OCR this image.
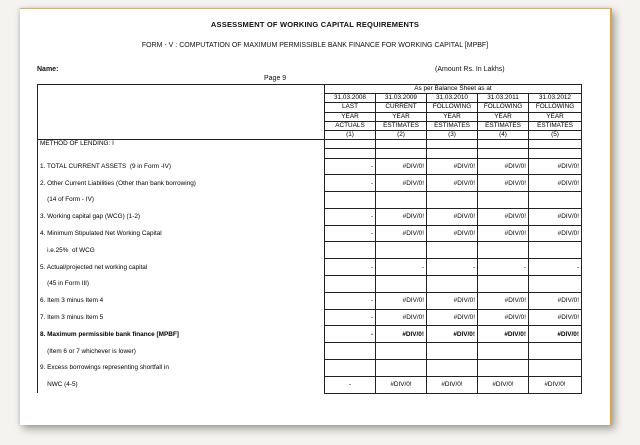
ASSESSMENT OF WORKING CAPITAL REQUIREMENTS
FORM - V : COMPUTATION OF MAXIMUM PERMISSIBLE BANK FINANCE FOR WORKING CAPITAL [MPBF]
Name:	(Amount Rs. In Lakhs)
Page 9
	As per Balance Sheet as at				
	31.03.2008	31.03.2009	31.03.2010	31.03.2011	31.03.2012
	LAST	CURRENT	FOLLOWING	FOLLOWING	FOLLOWING
	YEAR	YEAR	YEAR	YEAR	YEAR
	ACTUALS	ESTIMATES	ESTIMATES	ESTIMATES	ESTIMATES
	(1)	(2)	(3)	(4)	(5)
METHOD OF LENDING: I					

1. TOTAL CURRENT ASSETS  (9 in Form -IV)	-	#DIV/0!	#DIV/0!	#DIV/0!	#DIV/0!
2. Other Current Liabilities (Other than bank borrowing)	-	#DIV/0!	#DIV/0!	#DIV/0!	#DIV/0!
(14 of Form - IV)					
3. Working capital gap (WCG) (1-2)	-	#DIV/0!	#DIV/0!	#DIV/0!	#DIV/0!
4. Minimum Stipulated Net Working Capital	-	#DIV/0!	#DIV/0!	#DIV/0!	#DIV/0!
i.e.25%  of WCG					
5. Actual/projected net working capital	-	-	-	-	-
(45 in Form III)					
6. Item 3 minus Item 4	-	#DIV/0!	#DIV/0!	#DIV/0!	#DIV/0!
7. Item 3 minus Item 5	-	#DIV/0!	#DIV/0!	#DIV/0!	#DIV/0!
8. Maximum permissible bank finance [MPBF]	-	#DIV/0!	#DIV/0!	#DIV/0!	#DIV/0!
(Item 6 or 7 whichever is lower)					
9. Excess borrowings representing shortfall in					
NWC (4-5)	-	#DIV/0!	#DIV/0!	#DIV/0!	#DIV/0!
